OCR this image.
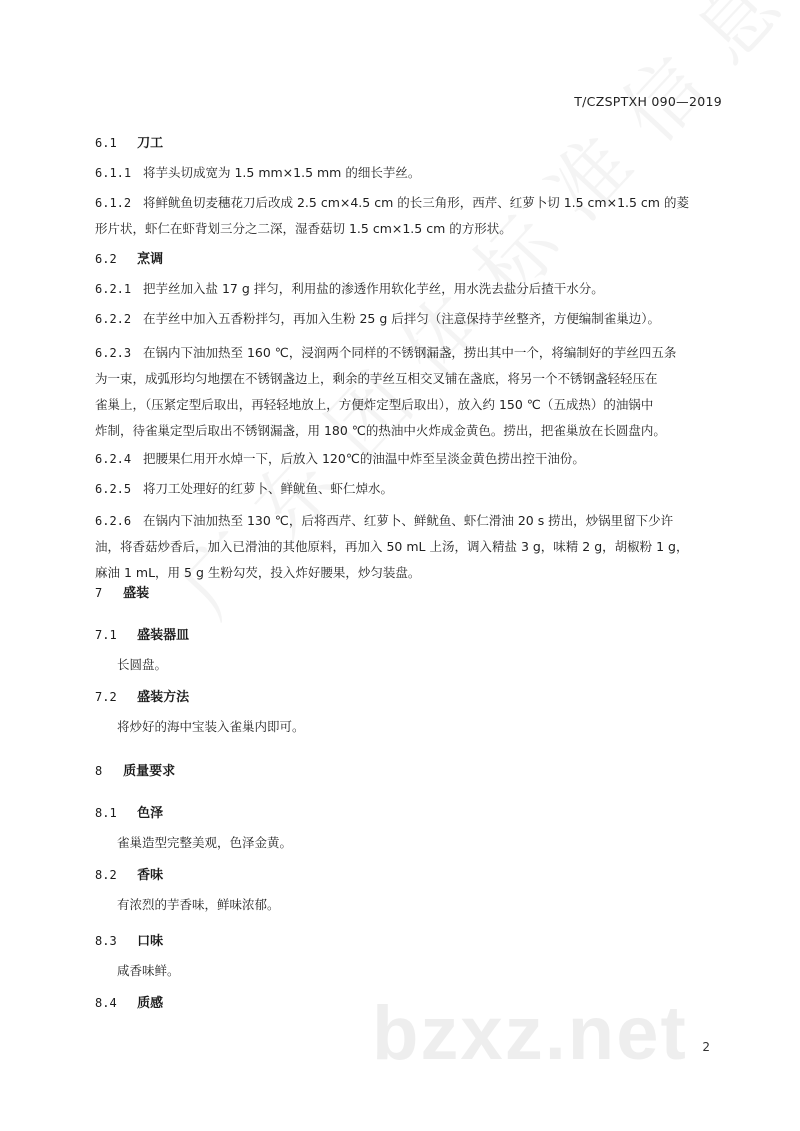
bzxz.net
T/CZSPTXH 090—2019
6.1 刀工
6.1.1 将芋头切成宽为 1.5 mm×1.5 mm 的细长芋丝。
6.1.2 将鲜鱿鱼切麦穗花刀后改成 2.5 cm×4.5 cm 的长三角形，西芹、红萝卜切 1.5 cm×1.5 cm 的菱
形片状，虾仁在虾背划三分之二深，湿香菇切 1.5 cm×1.5 cm 的方形状。
6.2 烹调
6.2.1 把芋丝加入盐 17 g 拌匀，利用盐的渗透作用软化芋丝，用水洗去盐分后揸干水分。
6.2.2 在芋丝中加入五香粉拌匀，再加入生粉 25 g 后拌匀（注意保持芋丝整齐，方便编制雀巢边）。
6.2.3 在锅内下油加热至 160 ℃，浸润两个同样的不锈钢漏盏，捞出其中一个，将编制好的芋丝四五条
为一束，成弧形均匀地摆在不锈钢盏边上，剩余的芋丝互相交叉铺在盏底，将另一个不锈钢盏轻轻压在
雀巢上，（压紧定型后取出，再轻轻地放上，方便炸定型后取出），放入约 150 ℃（五成热）的油锅中
炸制，待雀巢定型后取出不锈钢漏盏，用 180 ℃的热油中火炸成金黄色。捞出，把雀巢放在长圆盘内。
6.2.4 把腰果仁用开水焯一下，后放入 120℃的油温中炸至呈淡金黄色捞出控干油份。
6.2.5 将刀工处理好的红萝卜、鲜鱿鱼、虾仁焯水。
6.2.6 在锅内下油加热至 130 ℃，后将西芹、红萝卜、鲜鱿鱼、虾仁滑油 20 s 捞出，炒锅里留下少许
油，将香菇炒香后，加入已滑油的其他原料，再加入 50 mL 上汤，调入精盐 3 g，味精 2 g，胡椒粉 1 g，
麻油 1 mL，用 5 g 生粉勾芡，投入炸好腰果，炒匀装盘。
7 盛装
7.1 盛装器皿
长圆盘。
7.2 盛装方法
将炒好的海中宝装入雀巢内即可。
8 质量要求
8.1 色泽
雀巢造型完整美观，色泽金黄。
8.2 香味
有浓烈的芋香味，鲜味浓郁。
8.3 口味
咸香味鲜。
8.4 质感
2
